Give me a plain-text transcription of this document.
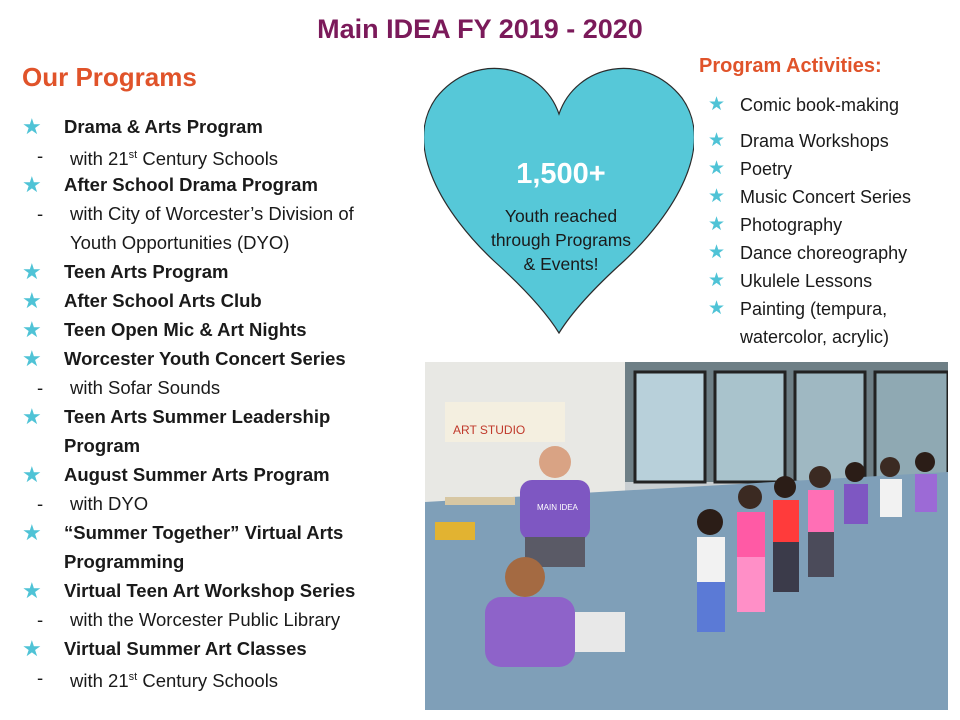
Main IDEA FY 2019 - 2020
Our Programs
★ Drama & Arts Program
- with 21st Century Schools
★ After School Drama Program
- with City of Worcester’s Division of
Youth Opportunities (DYO)
★ Teen Arts Program
★ After School Arts Club
★ Teen Open Mic & Art Nights
★ Worcester Youth Concert Series
- with Sofar Sounds
★ Teen Arts Summer Leadership
Program
★ August Summer Arts Program
- with DYO
★ “Summer Together” Virtual Arts
Programming
★ Virtual Teen Art Workshop Series
- with the Worcester Public Library
★ Virtual Summer Art Classes
- with 21st Century Schools
1,500+
Youth reached
through Programs
& Events!
Program Activities:
★ Comic book-making
★ Drama Workshops
★ Poetry
★ Music Concert Series
★ Photography
★ Dance choreography
★ Ukulele Lessons
★ Painting (tempura,
watercolor, acrylic)
ART STUDIO
MAIN IDEA
